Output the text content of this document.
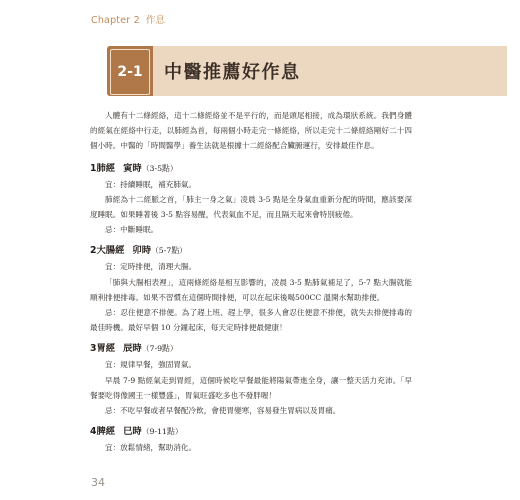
Chapter 2 作息
2-1 中醫推薦好作息

人體有十二條經絡，這十二條經絡並不是平行的，而是頭尾相接，成為環狀系統。我們身體的經氣在經絡中行走，以肺經為首，每兩個小時走完一條經絡，所以走完十二條經絡剛好二十四個小時。中醫的「時間醫學」養生法就是根據十二經絡配合臟腑運行，安排最佳作息。

1肺經 寅時（3-5點）

宜：持續睡眠，補充肺氣。

肺經為十二經脈之首，「肺主一身之氣」凌晨 3-5 點是全身氣血重新分配的時間，應該要深度睡眠。如果睡著後 3-5 點容易醒，代表氣血不足，而且隔天起來會特別疲倦。

忌：中斷睡眠。

2大腸經 卯時（5-7點）

宜：定時排便，清理大腸。

「肺與大腸相表裡」，這兩條經絡是相互影響的，凌晨 3-5 點肺氣補足了，5-7 點大腸就能順利排便排毒。如果不習慣在這個時間排便，可以在起床後喝500CC 溫開水幫助排便。

忌：忍住便意不排便。為了趕上班、趕上學，很多人會忍住便意不排便，就失去排便排毒的最佳時機。最好早個 10 分鐘起床，每天定時排便最健康！

3胃經 辰時（7-9點）

宜：規律早餐，強固胃氣。

早晨 7-9 點經氣走到胃經，這個時候吃早餐最能將陽氣帶進全身，讓一整天活力充沛。「早餐要吃得像國王一樣豐盛」，胃氣旺盛吃多也不發胖喔！

忌：不吃早餐或者早餐配冷飲，會使胃變寒，容易發生胃病以及胃痛。

4脾經 巳時（9-11點）

宜：放鬆情緒，幫助消化。

34
